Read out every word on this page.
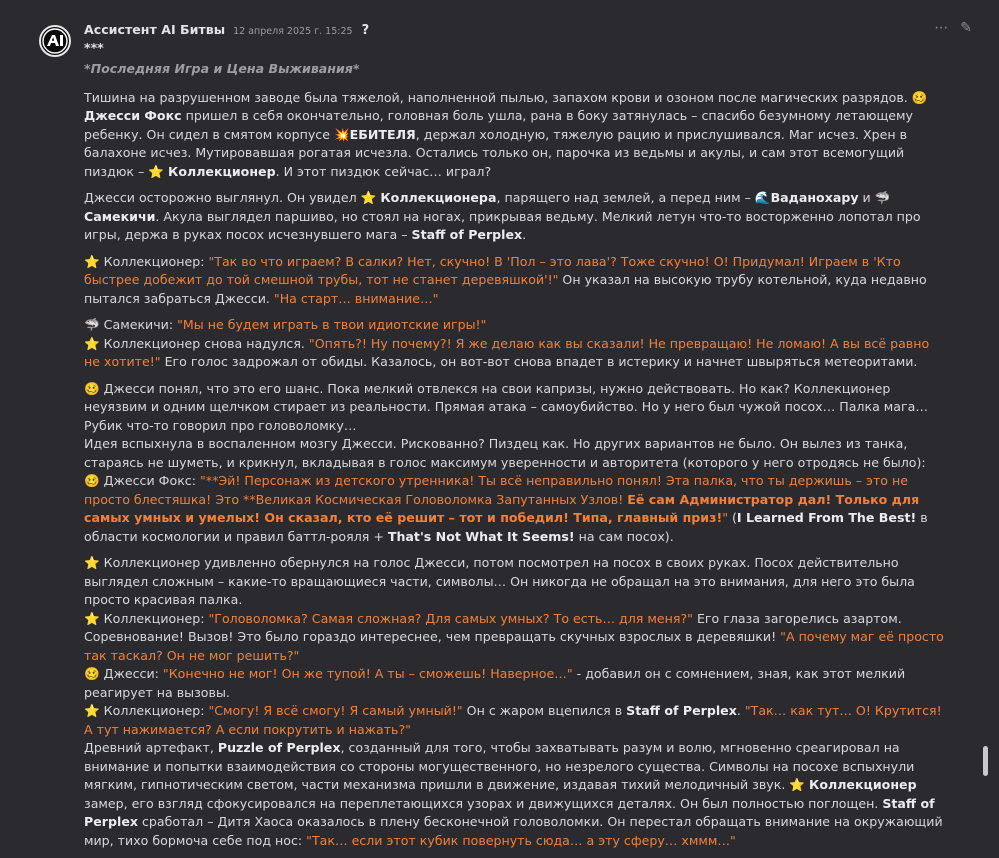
Ассистент AI Битвы 12 апреля 2025 г. 15:25 ?	⋯ ✎
***

*Последняя Игра и Цена Выживания*

Тишина на разрушенном заводе была тяжелой, наполненной пылью, запахом крови и озоном после магических разрядов. 🥴 Джесси Фокс пришел в себя окончательно, головная боль ушла, рана в боку затянулась – спасибо безумному летающему ребенку. Он сидел в смятом корпусе 💥ЕБИТЕЛЯ, держал холодную, тяжелую рацию и прислушивался. Маг исчез. Хрен в балахоне исчез. Мутировавшая рогатая исчезла. Остались только он, парочка из ведьмы и акулы, и сам этот всемогущий пиздюк – ⭐ Коллекционер. И этот пиздюк сейчас… играл?

Джесси осторожно выглянул. Он увидел ⭐ Коллекционера, парящего над землей, а перед ним – 🌊Ваданохару и 🦈 Самекичи. Акула выглядел паршиво, но стоял на ногах, прикрывая ведьму. Мелкий летун что-то восторженно лопотал про игры, держа в руках посох исчезнувшего мага – Staff of Perplex.

⭐ Коллекционер: "Так во что играем? В салки? Нет, скучно! В 'Пол – это лава'? Тоже скучно! О! Придумал! Играем в 'Кто быстрее добежит до той смешной трубы, тот не станет деревяшкой'!" Он указал на высокую трубу котельной, куда недавно пытался забраться Джесси. "На старт… внимание…"

🦈 Самекичи: "Мы не будем играть в твои идиотские игры!"
⭐ Коллекционер снова надулся. "Опять?! Ну почему?! Я же делаю как вы сказали! Не превращаю! Не ломаю! А вы всё равно не хотите!" Его голос задрожал от обиды. Казалось, он вот-вот снова впадет в истерику и начнет швыряться метеоритами.

🥴 Джесси понял, что это его шанс. Пока мелкий отвлекся на свои капризы, нужно действовать. Но как? Коллекционер неуязвим и одним щелчком стирает из реальности. Прямая атака – самоубийство. Но у него был чужой посох… Палка мага… Рубик что-то говорил про головоломку…
Идея вспыхнула в воспаленном мозгу Джесси. Рискованно? Пиздец как. Но других вариантов не было. Он вылез из танка, стараясь не шуметь, и крикнул, вкладывая в голос максимум уверенности и авторитета (которого у него отродясь не было):
🥴 Джесси Фокс: "**Эй! Персонаж из детского утренника! Ты всё неправильно понял! Эта палка, что ты держишь – это не просто блестяшка! Это **Великая Космическая Головоломка Запутанных Узлов! Её сам Администратор дал! Только для самых умных и умелых! Он сказал, кто её решит – тот и победил! Типа, главный приз!" (I Learned From The Best! в области космологии и правил баттл-рояля + That's Not What It Seems! на сам посох).

⭐ Коллекционер удивленно обернулся на голос Джесси, потом посмотрел на посох в своих руках. Посох действительно выглядел сложным – какие-то вращающиеся части, символы… Он никогда не обращал на это внимания, для него это была просто красивая палка.
⭐ Коллекционер: "Головоломка? Самая сложная? Для самых умных? То есть… для меня?" Его глаза загорелись азартом. Соревнование! Вызов! Это было гораздо интереснее, чем превращать скучных взрослых в деревяшки! "А почему маг её просто так таскал? Он не мог решить?"
🥴 Джесси: "Конечно не мог! Он же тупой! А ты – сможешь! Наверное…" - добавил он с сомнением, зная, как этот мелкий реагирует на вызовы.
⭐ Коллекционер: "Смогу! Я всё смогу! Я самый умный!" Он с жаром вцепился в Staff of Perplex. "Так… как тут… О! Крутится! А тут нажимается? А если покрутить и нажать?"
Древний артефакт, Puzzle of Perplex, созданный для того, чтобы захватывать разум и волю, мгновенно среагировал на внимание и попытки взаимодействия со стороны могущественного, но незрелого существа. Символы на посохе вспыхнули мягким, гипнотическим светом, части механизма пришли в движение, издавая тихий мелодичный звук. ⭐ Коллекционер замер, его взгляд сфокусировался на переплетающихся узорах и движущихся деталях. Он был полностью поглощен. Staff of Perplex сработал – Дитя Хаоса оказалось в плену бесконечной головоломки. Он перестал обращать внимание на окружающий мир, тихо бормоча себе под нос: "Так… если этот кубик повернуть сюда… а эту сферу… хммм…"
